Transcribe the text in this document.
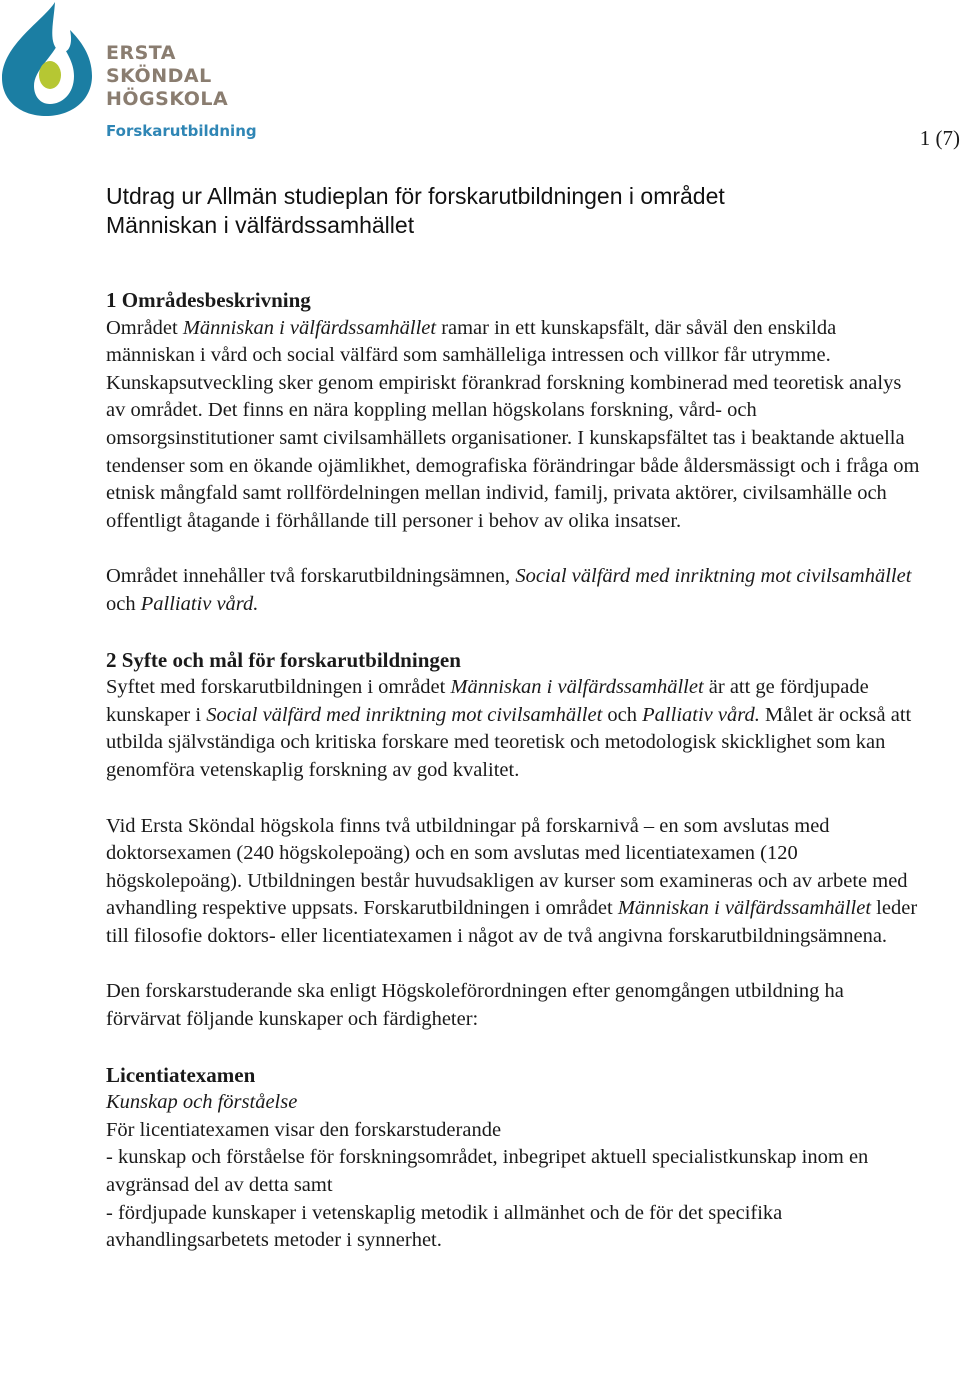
ERSTA
SKÖNDAL
HÖGSKOLA
Forskarutbildning	1 (7)
Utdrag ur Allmän studieplan för forskarutbildningen i området
Människan i välfärdssamhället
1 Områdesbeskrivning

Området Människan i välfärdssamhället ramar in ett kunskapsfält, där såväl den enskilda människan i vård och social välfärd som samhälleliga intressen och villkor får utrymme. Kunskapsutveckling sker genom empiriskt förankrad forskning kombinerad med teoretisk analys av området. Det finns en nära koppling mellan högskolans forskning, vård- och omsorgsinstitutioner samt civilsamhällets organisationer. I kunskapsfältet tas i beaktande aktuella tendenser som en ökande ojämlikhet, demografiska förändringar både åldersmässigt och i fråga om etnisk mångfald samt rollfördelningen mellan individ, familj, privata aktörer, civilsamhälle och offentligt åtagande i förhållande till personer i behov av olika insatser.

Området innehåller två forskarutbildningsämnen, Social välfärd med inriktning mot civilsamhället och Palliativ vård.

2 Syfte och mål för forskarutbildningen

Syftet med forskarutbildningen i området Människan i välfärdssamhället är att ge fördjupade kunskaper i Social välfärd med inriktning mot civilsamhället och Palliativ vård. Målet är också att utbilda självständiga och kritiska forskare med teoretisk och metodologisk skicklighet som kan genomföra vetenskaplig forskning av god kvalitet.

Vid Ersta Sköndal högskola finns två utbildningar på forskarnivå – en som avslutas med doktorsexamen (240 högskolepoäng) och en som avslutas med licentiatexamen (120 högskolepoäng). Utbildningen består huvudsakligen av kurser som examineras och av arbete med avhandling respektive uppsats. Forskarutbildningen i området Människan i välfärdssamhället leder till filosofie doktors- eller licentiatexamen i något av de två angivna forskarutbildningsämnena.

Den forskarstuderande ska enligt Högskoleförordningen efter genomgången utbildning ha förvärvat följande kunskaper och färdigheter:

Licentiatexamen

Kunskap och förståelse

För licentiatexamen visar den forskarstuderande

- kunskap och förståelse för forskningsområdet, inbegripet aktuell specialistkunskap inom en avgränsad del av detta samt

- fördjupade kunskaper i vetenskaplig metodik i allmänhet och de för det specifika avhandlingsarbetets metoder i synnerhet.
